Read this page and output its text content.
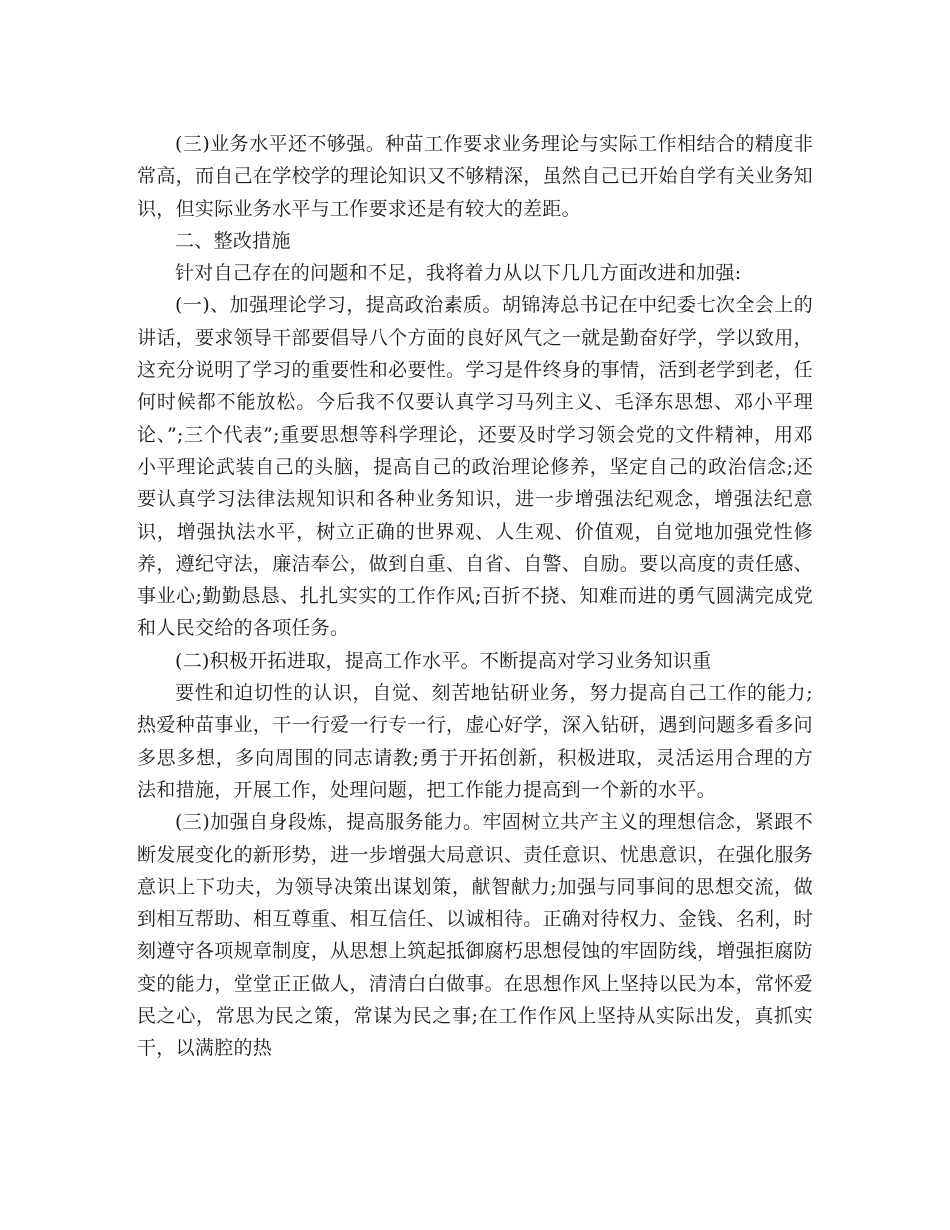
(三)业务水平还不够强。种苗工作要求业务理论与实际工作相结合的精度非常高，而自己在学校学的理论知识又不够精深，虽然自己已开始自学有关业务知识，但实际业务水平与工作要求还是有较大的差距。

二、整改措施

针对自己存在的问题和不足，我将着力从以下几几方面改进和加强:

(一)、加强理论学习，提高政治素质。胡锦涛总书记在中纪委七次全会上的讲话，要求领导干部要倡导八个方面的良好风气之一就是勤奋好学，学以致用，这充分说明了学习的重要性和必要性。学习是件终身的事情，活到老学到老，任何时候都不能放松。今后我不仅要认真学习马列主义、毛泽东思想、邓小平理论、”;三个代表”;重要思想等科学理论，还要及时学习领会党的文件精神，用邓小平理论武装自己的头脑，提高自己的政治理论修养，坚定自己的政治信念;还要认真学习法律法规知识和各种业务知识，进一步增强法纪观念，增强法纪意识，增强执法水平，树立正确的世界观、人生观、价值观，自觉地加强党性修养，遵纪守法，廉洁奉公，做到自重、自省、自警、自励。要以高度的责任感、事业心;勤勤恳恳、扎扎实实的工作作风;百折不挠、知难而进的勇气圆满完成党和人民交给的各项任务。

(二)积极开拓进取，提高工作水平。不断提高对学习业务知识重

要性和迫切性的认识，自觉、刻苦地钻研业务，努力提高自己工作的能力;热爱种苗事业，干一行爱一行专一行，虚心好学，深入钻研，遇到问题多看多问多思多想，多向周围的同志请教;勇于开拓创新，积极进取，灵活运用合理的方法和措施，开展工作，处理问题，把工作能力提高到一个新的水平。

(三)加强自身段炼，提高服务能力。牢固树立共产主义的理想信念，紧跟不断发展变化的新形势，进一步增强大局意识、责任意识、忧患意识，在强化服务意识上下功夫，为领导决策出谋划策，献智献力;加强与同事间的思想交流，做到相互帮助、相互尊重、相互信任、以诚相待。正确对待权力、金钱、名利，时刻遵守各项规章制度，从思想上筑起抵御腐朽思想侵蚀的牢固防线，增强拒腐防变的能力，堂堂正正做人，清清白白做事。在思想作风上坚持以民为本，常怀爱民之心，常思为民之策，常谋为民之事;在工作作风上坚持从实际出发，真抓实干，以满腔的热
